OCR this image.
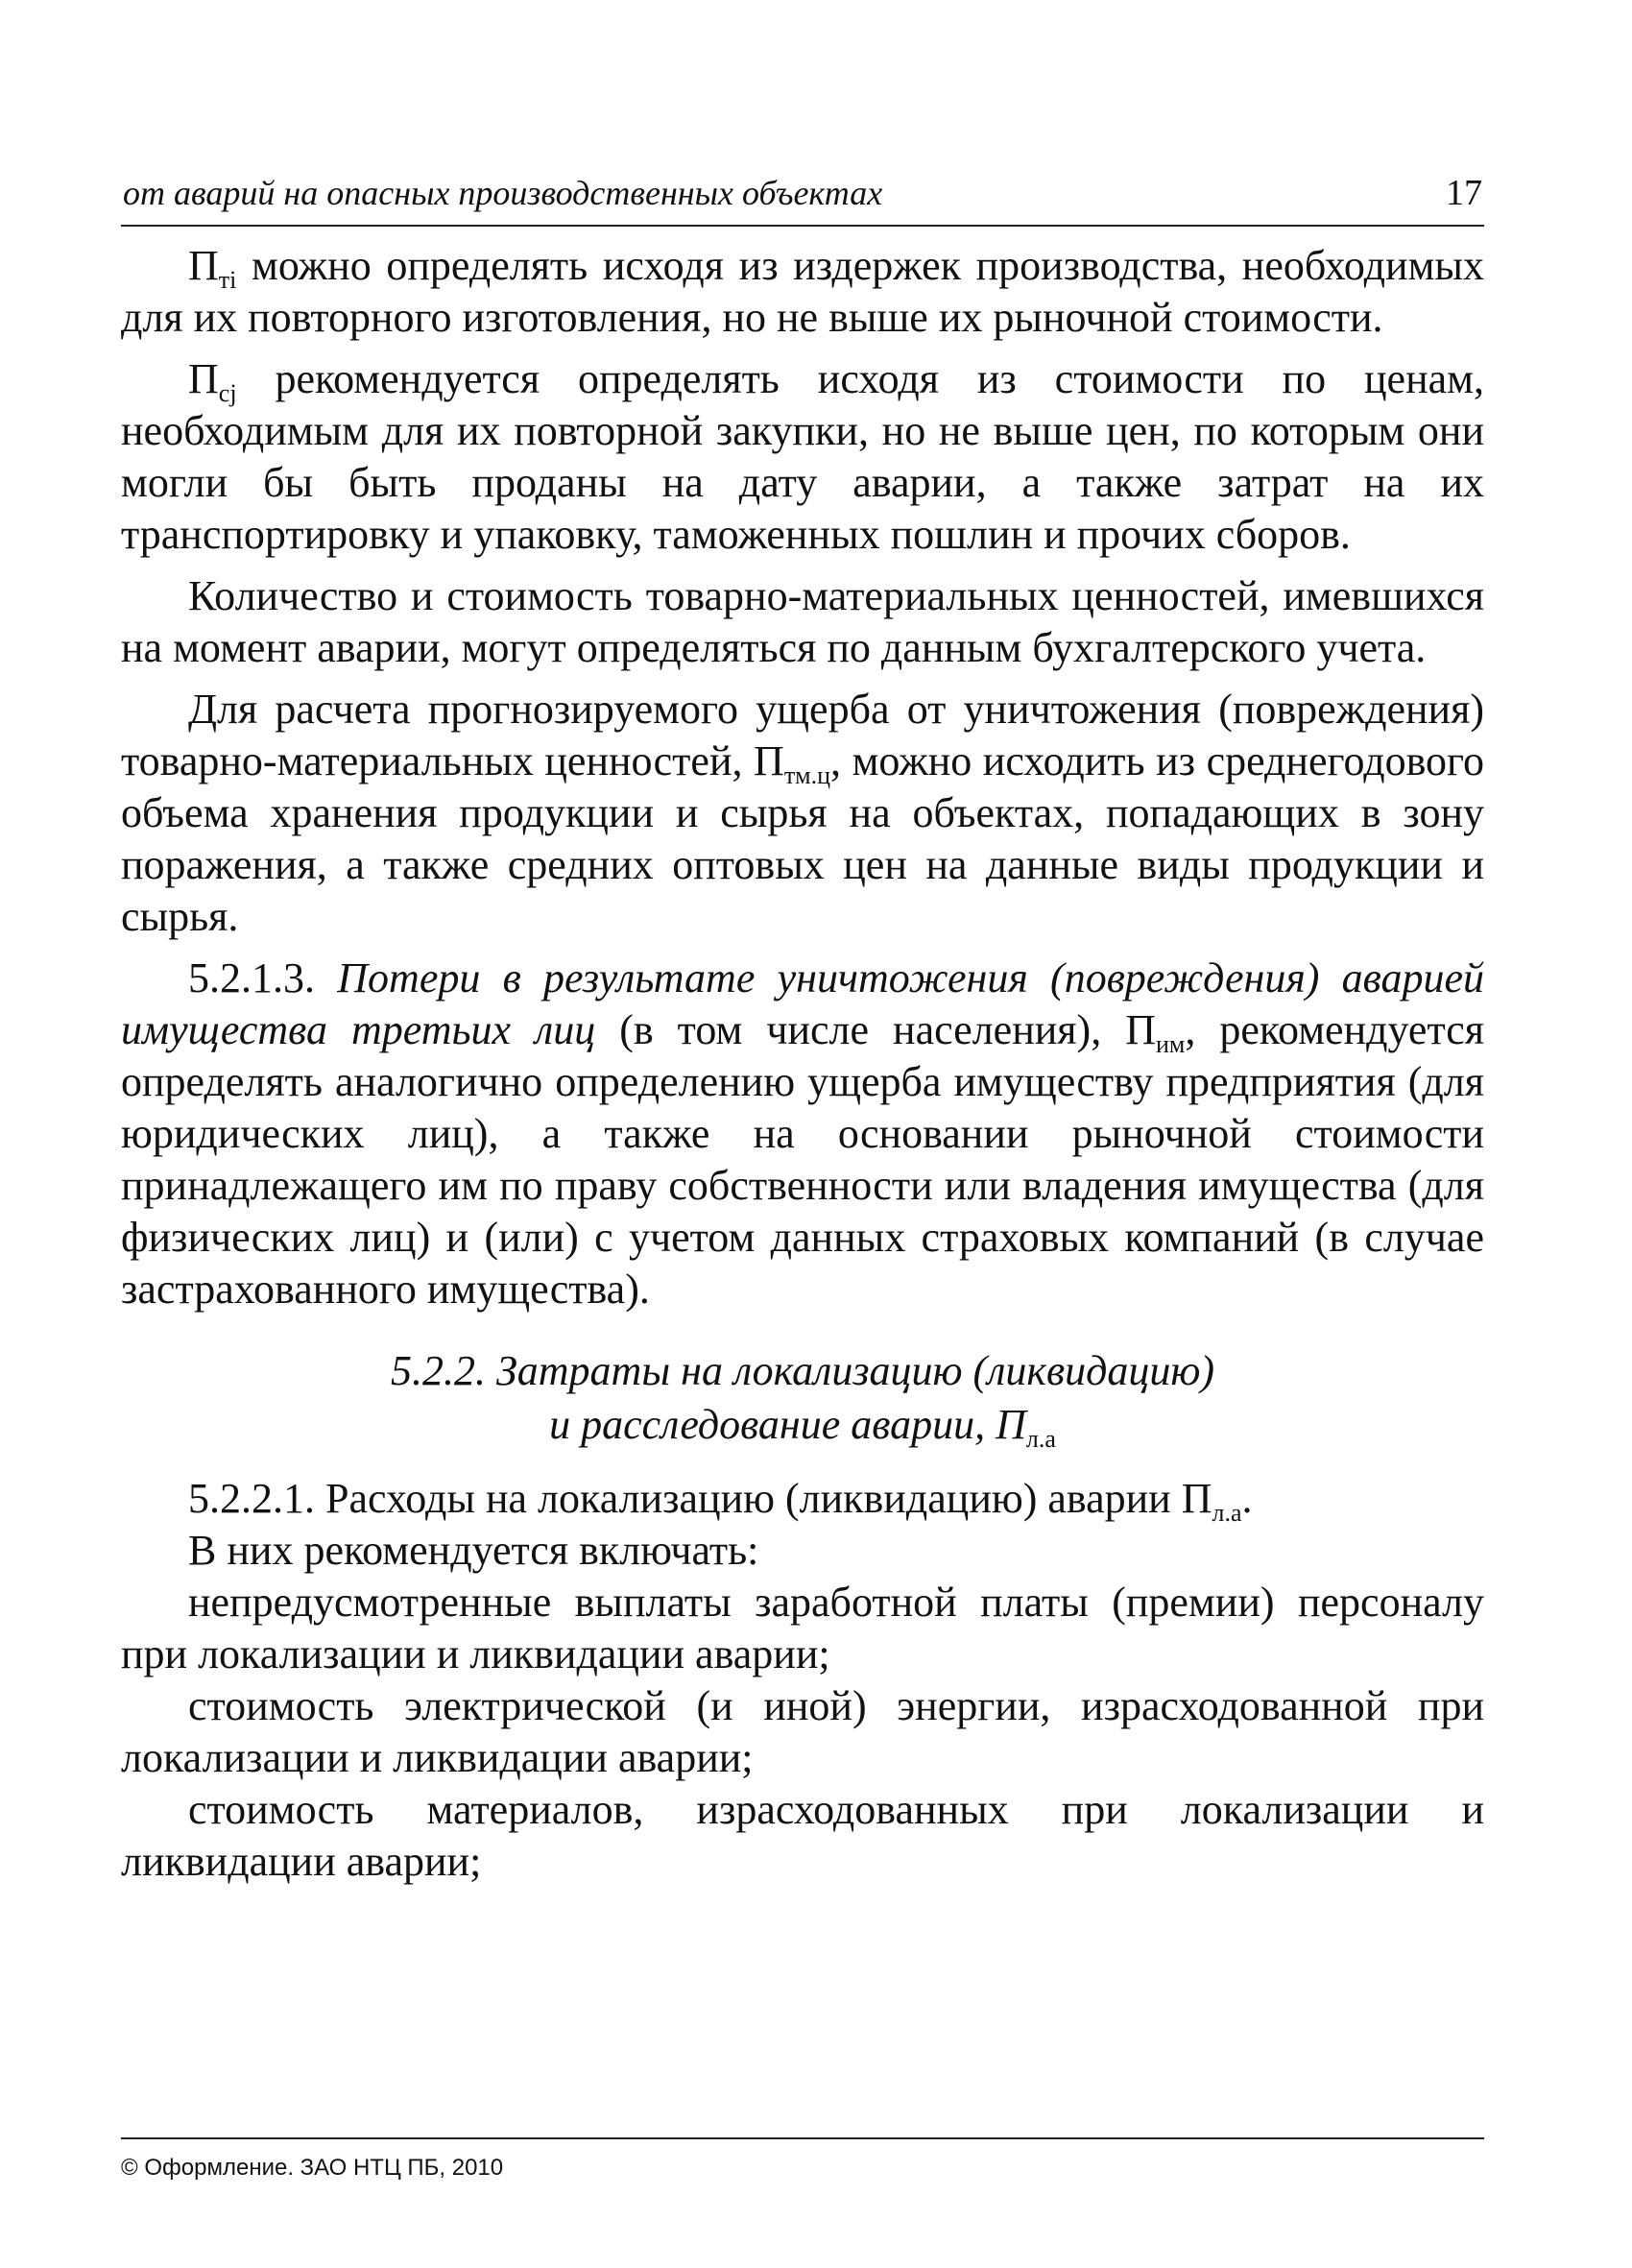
от аварий на опасных производственных объектах	17

$П_{тi}$ можно определять исходя из издержек производства, необходимых для их повторного изготовления, но не выше их рыночной стоимости.

$П_{cj}$ рекомендуется определять исходя из стоимости по ценам, необходимым для их повторной закупки, но не выше цен, по которым они могли бы быть проданы на дату аварии, а также затрат на их транспортировку и упаковку, таможенных пошлин и прочих сборов.

Количество и стоимость товарно-материальных ценностей, имевшихся на момент аварии, могут определяться по данным бухгалтерского учета.

Для расчета прогнозируемого ущерба от уничтожения (повреждения) товарно-материальных ценностей, $П_{тм.ц}$, можно исходить из среднегодового объема хранения продукции и сырья на объектах, попадающих в зону поражения, а также средних оптовых цен на данные виды продукции и сырья.

5.2.1.3. Потери в результате уничтожения (повреждения) аварией имущества третьих лиц (в том числе населения), $П_{им}$, рекомендуется определять аналогично определению ущерба имуществу предприятия (для юридических лиц), а также на основании рыночной стоимости принадлежащего им по праву собственности или владения имущества (для физических лиц) и (или) с учетом данных страховых компаний (в случае застрахованного имущества).

5.2.2. Затраты на локализацию (ликвидацию)
и расследование аварии, $П_{л.а}$

5.2.2.1. Расходы на локализацию (ликвидацию) аварии $П_{л.а}$.

В них рекомендуется включать:

непредусмотренные выплаты заработной платы (премии) персоналу при локализации и ликвидации аварии;

стоимость электрической (и иной) энергии, израсходованной при локализации и ликвидации аварии;

стоимость материалов, израсходованных при локализации и ликвидации аварии;

© Оформление. ЗАО НТЦ ПБ, 2010
